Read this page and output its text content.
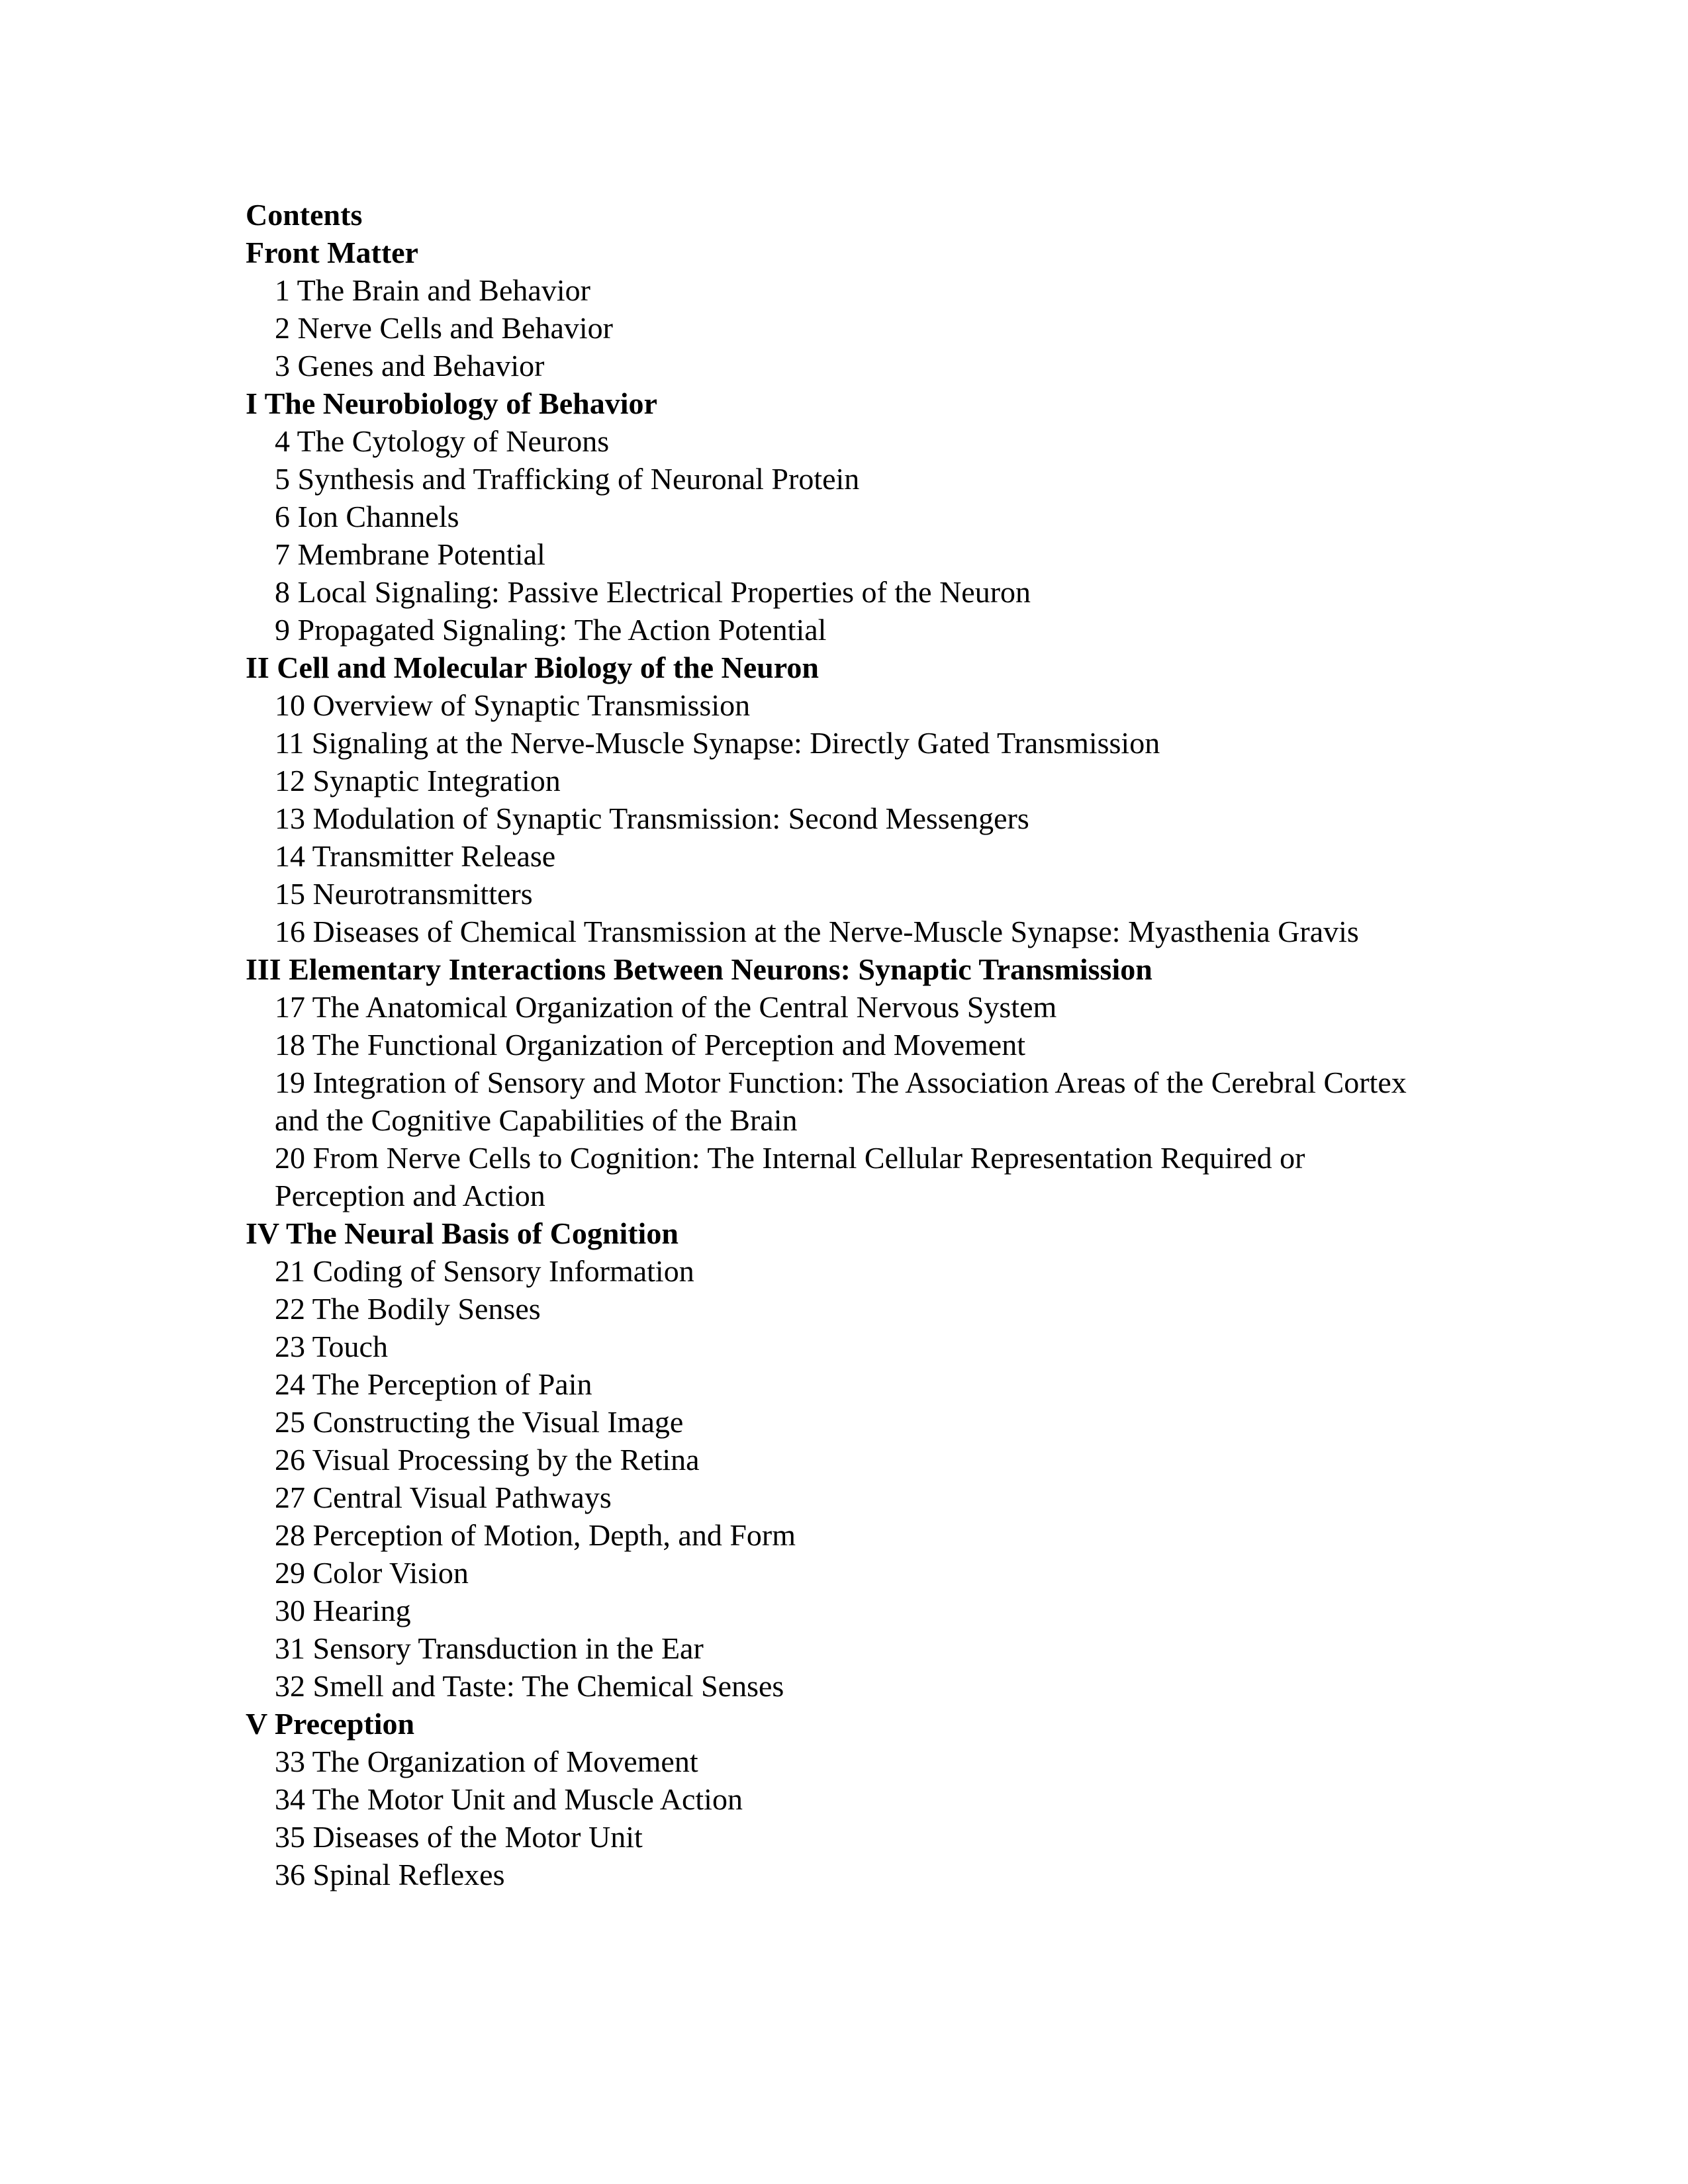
Contents
Front Matter
1 The Brain and Behavior
2 Nerve Cells and Behavior
3 Genes and Behavior
I The Neurobiology of Behavior
4 The Cytology of Neurons
5 Synthesis and Trafficking of Neuronal Protein
6 Ion Channels
7 Membrane Potential
8 Local Signaling: Passive Electrical Properties of the Neuron
9 Propagated Signaling: The Action Potential
II Cell and Molecular Biology of the Neuron
10 Overview of Synaptic Transmission
11 Signaling at the Nerve-Muscle Synapse: Directly Gated Transmission
12 Synaptic Integration
13 Modulation of Synaptic Transmission: Second Messengers
14 Transmitter Release
15 Neurotransmitters
16 Diseases of Chemical Transmission at the Nerve-Muscle Synapse: Myasthenia Gravis
III Elementary Interactions Between Neurons: Synaptic Transmission
17 The Anatomical Organization of the Central Nervous System
18 The Functional Organization of Perception and Movement
19 Integration of Sensory and Motor Function: The Association Areas of the Cerebral Cortex and the Cognitive Capabilities of the Brain
20 From Nerve Cells to Cognition: The Internal Cellular Representation Required or Perception and Action
IV The Neural Basis of Cognition
21 Coding of Sensory Information
22 The Bodily Senses
23 Touch
24 The Perception of Pain
25 Constructing the Visual Image
26 Visual Processing by the Retina
27 Central Visual Pathways
28 Perception of Motion, Depth, and Form
29 Color Vision
30 Hearing
31 Sensory Transduction in the Ear
32 Smell and Taste: The Chemical Senses
V Preception
33 The Organization of Movement
34 The Motor Unit and Muscle Action
35 Diseases of the Motor Unit
36 Spinal Reflexes
